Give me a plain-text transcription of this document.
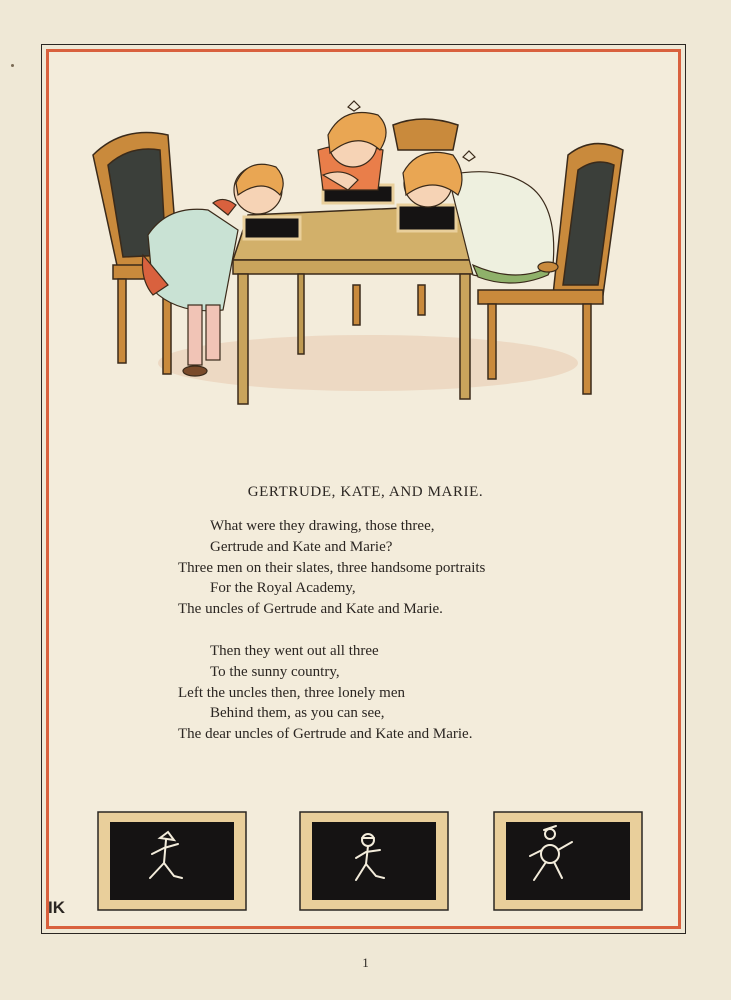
GERTRUDE, KATE, AND MARIE.
What were they drawing, those three,
Gertrude and Kate and Marie?
Three men on their slates, three handsome portraits
For the Royal Academy,
The uncles of Gertrude and Kate and Marie.
Then they went out all three
To the sunny country,
Left the uncles then, three lonely men
Behind them, as you can see,
The dear uncles of Gertrude and Kate and Marie.
IK
1
